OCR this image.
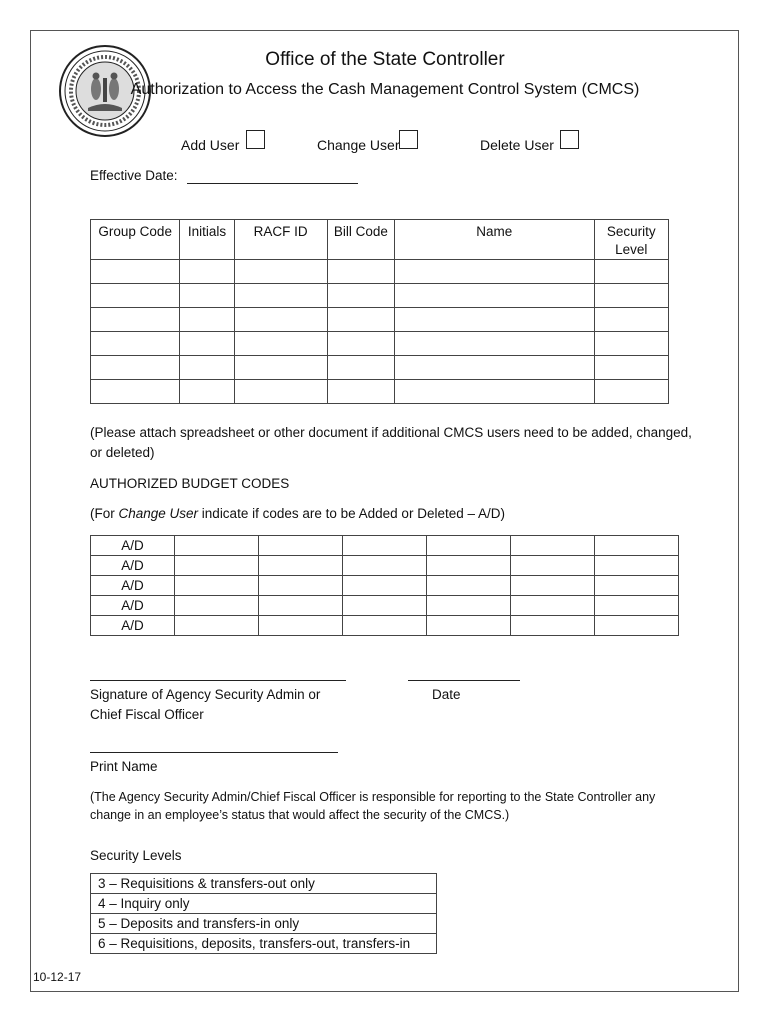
Office of the State Controller
Authorization to Access the Cash Management Control System (CMCS)
Add User	Change User	Delete User
Effective Date:
Group Code	Initials	RACF ID	Bill Code	Name	Security Level

(Please attach spreadsheet or other document if additional CMCS users need to be added, changed,
or deleted)
AUTHORIZED BUDGET CODES
(For Change User indicate if codes are to be Added or Deleted – A/D)
A/D						
A/D						
A/D						
A/D						
A/D						
Signature of Agency Security Admin or
Chief Fiscal Officer
Date
Print Name
(The Agency Security Admin/Chief Fiscal Officer is responsible for reporting to the State Controller any
change in an employee’s status that would affect the security of the CMCS.)
Security Levels
3 – Requisitions & transfers-out only
4 – Inquiry only
5 – Deposits and transfers-in only
6 – Requisitions, deposits, transfers-out, transfers-in
10-12-17
